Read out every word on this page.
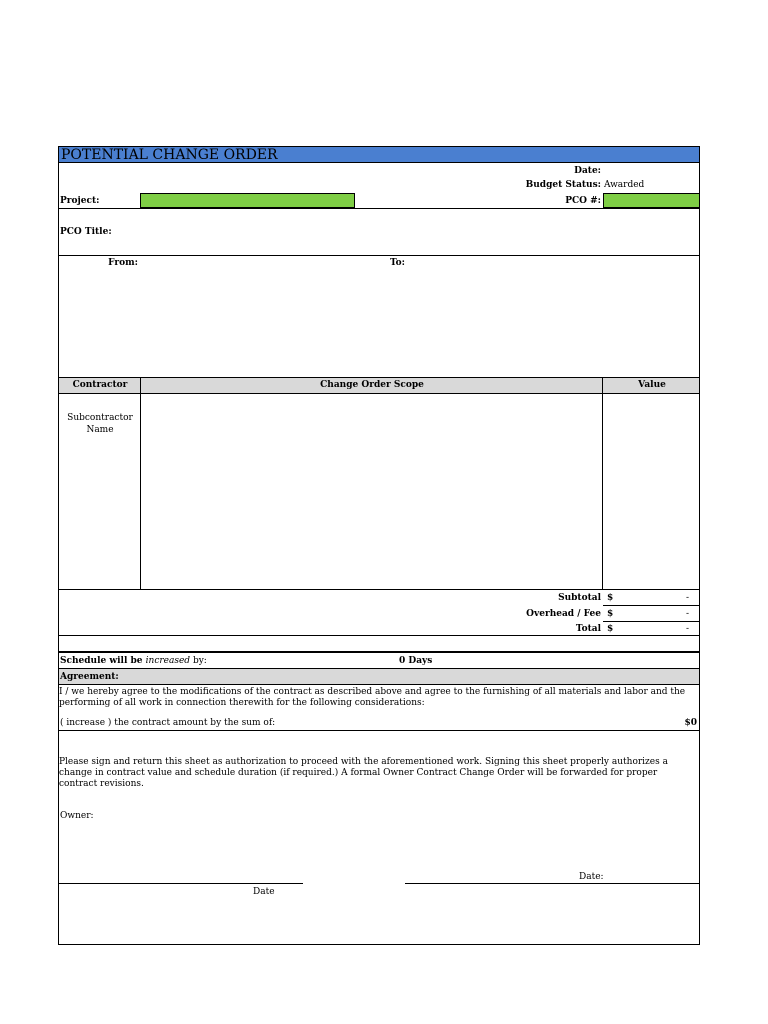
POTENTIAL CHANGE ORDER
Date:
Budget Status: Awarded
Project:	PCO #:
PCO Title:
From:	To:
Contractor	Change Order Scope	Value
Subcontractor Name
Subtotal $	-
Overhead / Fee $	-
Total $	-
Schedule will be increased by:	0 Days
Agreement:
I / we hereby agree to the modifications of the contract as described above and agree to the furnishing of all materials and labor and the performing of all work in connection therewith for the following considerations:
( increase ) the contract amount by the sum of:	$0
Please sign and return this sheet as authorization to proceed with the aforementioned work. Signing this sheet properly authorizes a change in contract value and schedule duration (if required.) A formal Owner Contract Change Order will be forwarded for proper contract revisions.
Owner:
Date:
Date
